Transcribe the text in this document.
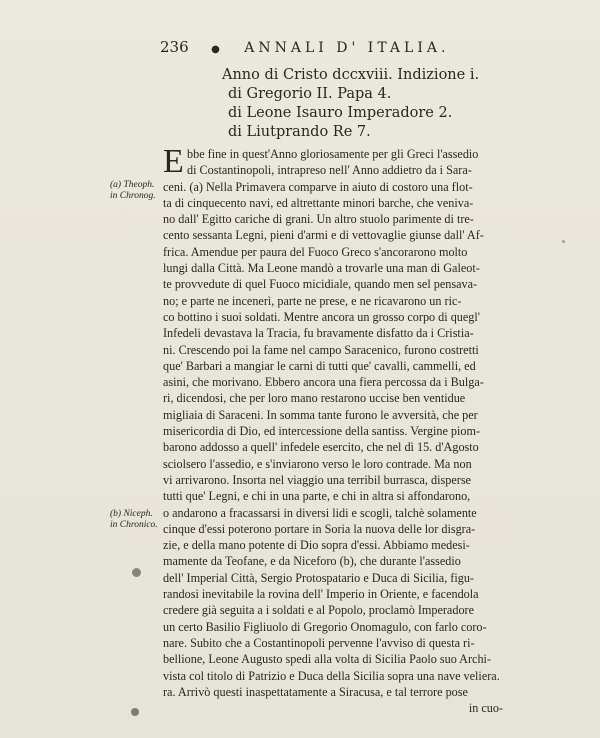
236 ● ANNALI D' ITALIA.
Anno di Cristo dccxviii. Indizione i.
di Gregorio II. Papa 4.
di Leone Isauro Imperadore 2.
di Liutprando Re 7.
(a) Theoph.
in Chronog.
(b) Niceph.
in Chronico.
E bbe fine in quest'Anno gloriosamente per gli Greci l'assedio
di Costantinopoli, intrapreso nell' Anno addietro da i Sara-
ceni. (a) Nella Primavera comparve in aiuto di costoro una flot-
ta di cinquecento navi, ed altrettante minori barche, che veniva-
no dall' Egitto cariche di grani. Un altro stuolo parimente di tre-
cento sessanta Legni, pieni d'armi e di vettovaglie giunse dall' Af-
frica. Amendue per paura del Fuoco Greco s'ancorarono molto
lungi dalla Città. Ma Leone mandò a trovarle una man di Galeot-
te provvedute di quel Fuoco micidiale, quando men sel pensava-
no; e parte ne incenerì, parte ne prese, e ne ricavarono un ric-
co bottino i suoi soldati. Mentre ancora un grosso corpo di quegl'
Infedeli devastava la Tracia, fu bravamente disfatto da i Cristia-
ni. Crescendo poi la fame nel campo Saracenico, furono costretti
que' Barbari a mangiar le carni di tutti que' cavalli, cammelli, ed
asini, che morivano. Ebbero ancora una fiera percossa da i Bulga-
ri, dicendosi, che per loro mano restarono uccise ben ventidue
migliaia di Saraceni. In somma tante furono le avversità, che per
misericordia di Dio, ed intercessione della santiss. Vergine piom-
barono addosso a quell' infedele esercito, che nel dì 15. d'Agosto
sciolsero l'assedio, e s'inviarono verso le loro contrade. Ma non
vi arrivarono. Insorta nel viaggio una terribil burrasca, disperse
tutti que' Legni, e chi in una parte, e chi in altra si affondarono,
o andarono a fracassarsi in diversi lidi e scogli, talchè solamente
cinque d'essi poterono portare in Soria la nuova delle lor disgra-
zie, e della mano potente di Dio sopra d'essi. Abbiamo medesi-
mamente da Teofane, e da Niceforo (b), che durante l'assedio
dell' Imperial Città, Sergio Protospatario e Duca di Sicilia, figu-
randosi inevitabile la rovina dell' Imperio in Oriente, e facendola
credere già seguita a i soldati e al Popolo, proclamò Imperadore
un certo Basilio Figliuolo di Gregorio Onomagulo, con farlo coro-
nare. Subito che a Costantinopoli pervenne l'avviso di questa ri-
bellione, Leone Augusto spedì alla volta di Sicilia Paolo suo Archi-
vista col titolo di Patrizio e Duca della Sicilia sopra una nave veliera.
ra. Arrivò questi inaspettatamente a Siracusa, e tal terrore pose
in cuo-
